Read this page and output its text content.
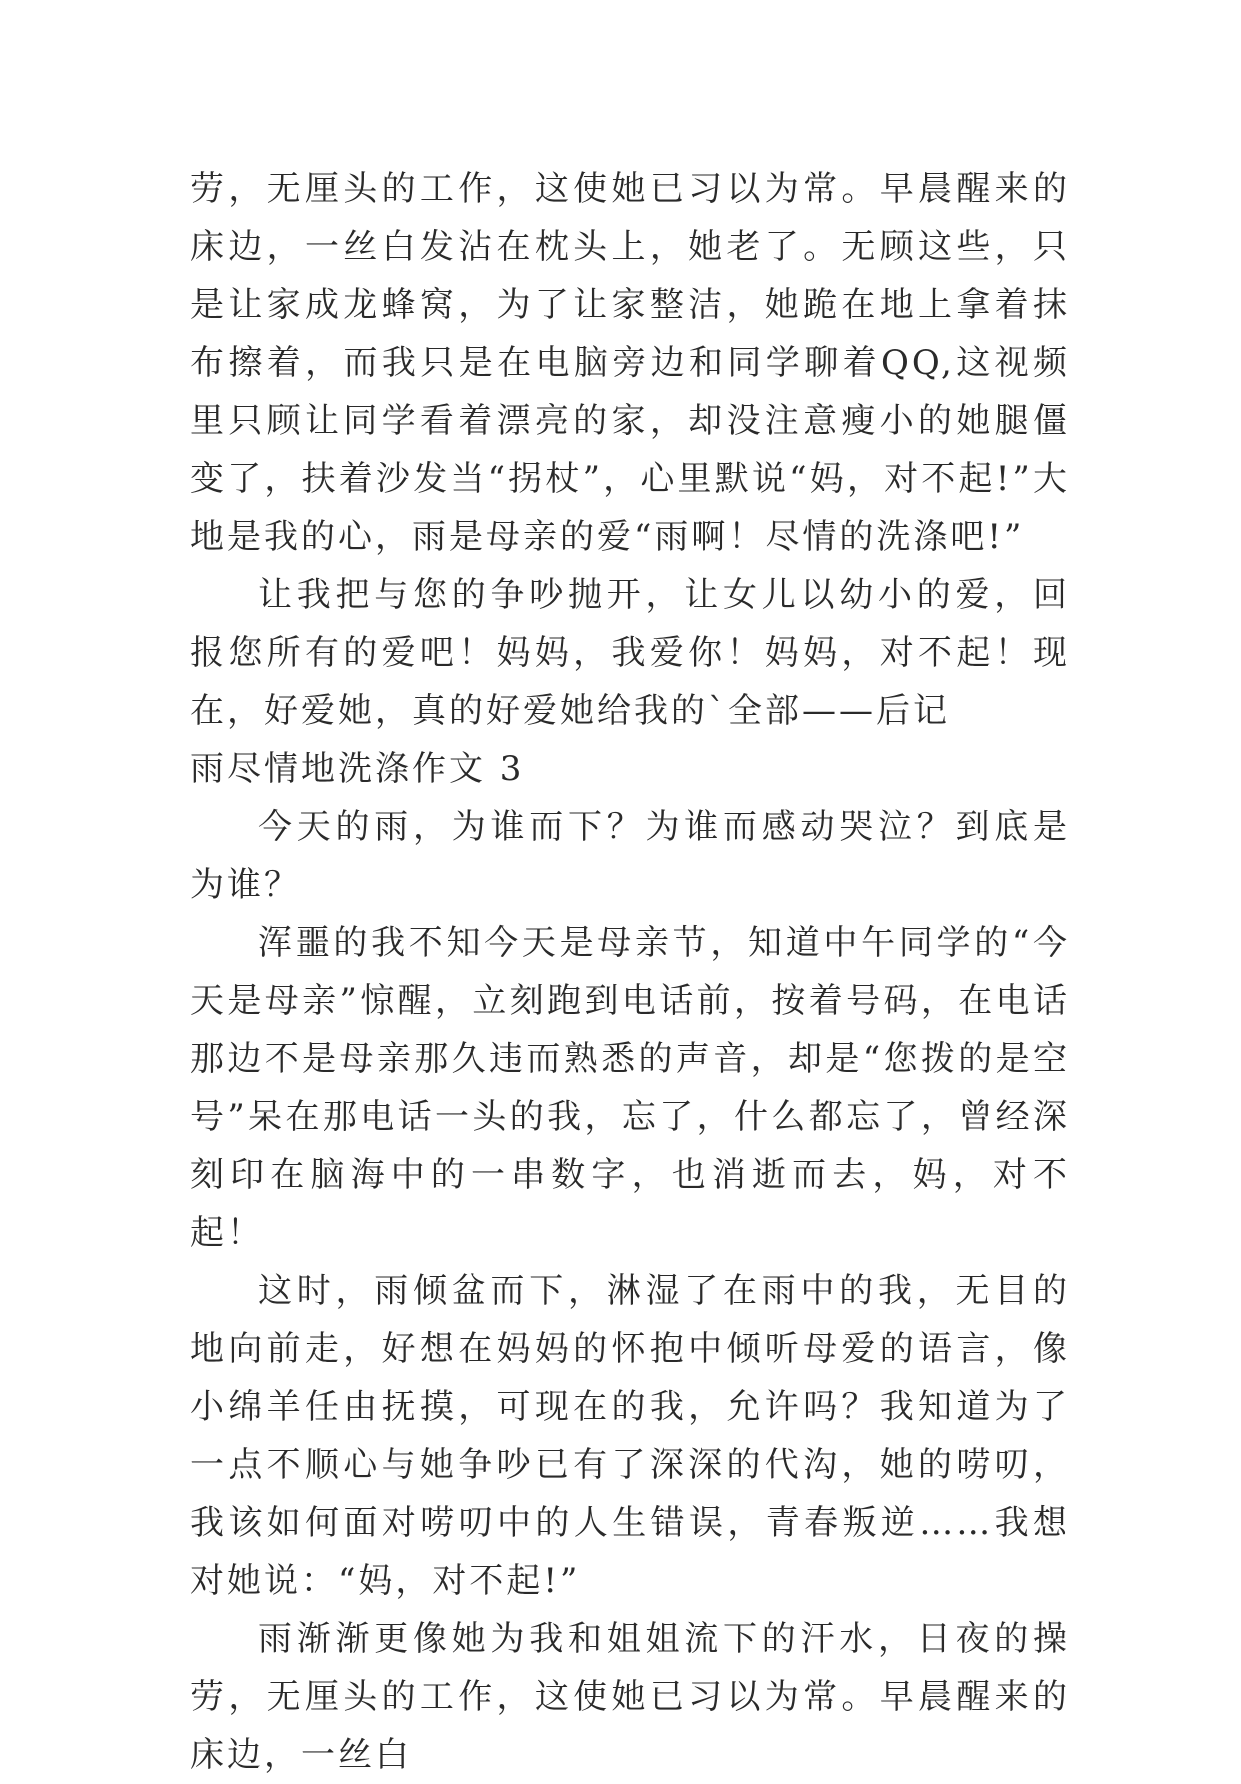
劳，无厘头的工作，这使她已习以为常。早晨醒来的床边，一丝白发沾在枕头上，她老了。无顾这些，只是让家成龙蜂窝，为了让家整洁，她跪在地上拿着抹布擦着，而我只是在电脑旁边和同学聊着QQ,这视频里只顾让同学看着漂亮的家，却没注意瘦小的她腿僵变了，扶着沙发当“拐杖”，心里默说“妈，对不起!”大地是我的心，雨是母亲的爱“雨啊！尽情的洗涤吧!”

让我把与您的争吵抛开，让女儿以幼小的爱，回报您所有的爱吧！妈妈，我爱你！妈妈，对不起！现在，好爱她，真的好爱她给我的`全部——后记

雨尽情地洗涤作文 3

今天的雨，为谁而下？为谁而感动哭泣？到底是为谁？

浑噩的我不知今天是母亲节，知道中午同学的“今天是母亲”惊醒，立刻跑到电话前，按着号码，在电话那边不是母亲那久违而熟悉的声音，却是“您拨的是空号”呆在那电话一头的我，忘了，什么都忘了，曾经深刻印在脑海中的一串数字，也消逝而去，妈，对不起！

这时，雨倾盆而下，淋湿了在雨中的我，无目的地向前走，好想在妈妈的怀抱中倾听母爱的语言，像小绵羊任由抚摸，可现在的我，允许吗？我知道为了一点不顺心与她争吵已有了深深的代沟，她的唠叨，我该如何面对唠叨中的人生错误，青春叛逆……我想对她说：“妈，对不起!”

雨渐渐更像她为我和姐姐流下的汗水，日夜的操劳，无厘头的工作，这使她已习以为常。早晨醒来的床边，一丝白
